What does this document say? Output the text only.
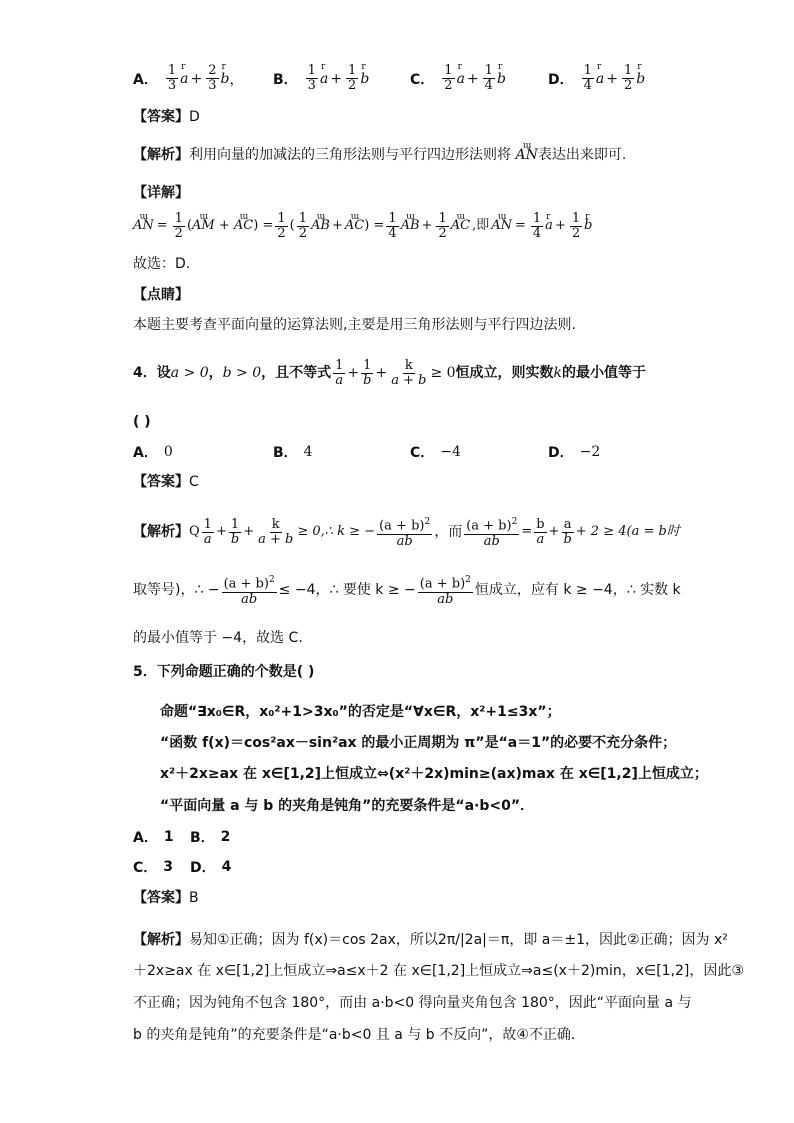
A． $\frac{1}{3}$ r $a + \frac{2}{3}$ r b ， B． $\frac{1}{3}$ r $a + \frac{1}{2}$ r b	C． $\frac{1}{2}$ r $a + \frac{1}{4}$ r b	D． $\frac{1}{4}$ r $a + \frac{1}{2}$ r b
【答案】D
【解析】利用向量的加减法的三角形法则与平行四边形法则将 ɯ AN表达出来即可.
【详解】
ɯ AN = $\frac{1}{2}$ (ɯ AM + ɯ $AC) = \frac{1}{2}$ ( $\frac{1}{2}$ ɯ AB + ɯ AC ) = $\frac{1}{4}$ ɯ AB + $\frac{1}{2}$ ɯ AC ,即 ɯ AN = $\frac{1}{4}$ r $a + \frac{1}{2}$ r b
故选：D.
【点睛】
本题主要考查平面向量的运算法则,主要是用三角形法则与平行四边法则.
4． 设 a > 0 ， b > 0 ，且不等式 $\frac{1}{a} + \frac{1}{b} + \frac{k}{a + b} \ge 0$ 恒成立，则实数 k 的最小值等于
( )
A． 0	B． 4	C． −4	D． −2
【答案】C
【解析】 Q $\frac{1}{a} + \frac{1}{b} + \frac{k}{a + b}$ ≥ 0,∴ k ≥ − $\frac{(a + b)^2}{ab}$ ，而 $\frac{(a + b)^2}{ab} = \frac{b}{a} + \frac{a}{b} + 2 \ge 4(a = b$时
取等号)，∴ − $\frac{(a + b)^2}{ab} \le -4$，∴ 要使 k ≥ − $\frac{(a + b)^2}{ab}$ 恒成立，应有 k ≥ −4，∴ 实数 k
的最小值等于 −4，故选 C.
5．下列命题正确的个数是( )
命题“∃x₀∈R，x₀²+1>3x₀”的否定是“∀x∈R，x²+1≤3x”；
“函数 f(x)＝cos²ax－sin²ax 的最小正周期为 π”是“a＝1”的必要不充分条件；
x²＋2x≥ax 在 x∈[1,2]上恒成立⇔(x²＋2x)min≥(ax)max 在 x∈[1,2]上恒成立；
“平面向量 a 与 b 的夹角是钝角”的充要条件是“a·b<0”．
A． 1 B． 2
C． 3 D． 4
【答案】B
【解析】易知①正确；因为 f(x)＝cos 2ax，所以2π/|2a|＝π，即 a＝±1，因此②正确；因为 x²
＋2x≥ax 在 x∈[1,2]上恒成立⇒a≤x＋2 在 x∈[1,2]上恒成立⇒a≤(x＋2)min，x∈[1,2]，因此③
不正确；因为钝角不包含 180°，而由 a·b<0 得向量夹角包含 180°，因此“平面向量 a 与
b 的夹角是钝角”的充要条件是“a·b<0 且 a 与 b 不反向”，故④不正确．
